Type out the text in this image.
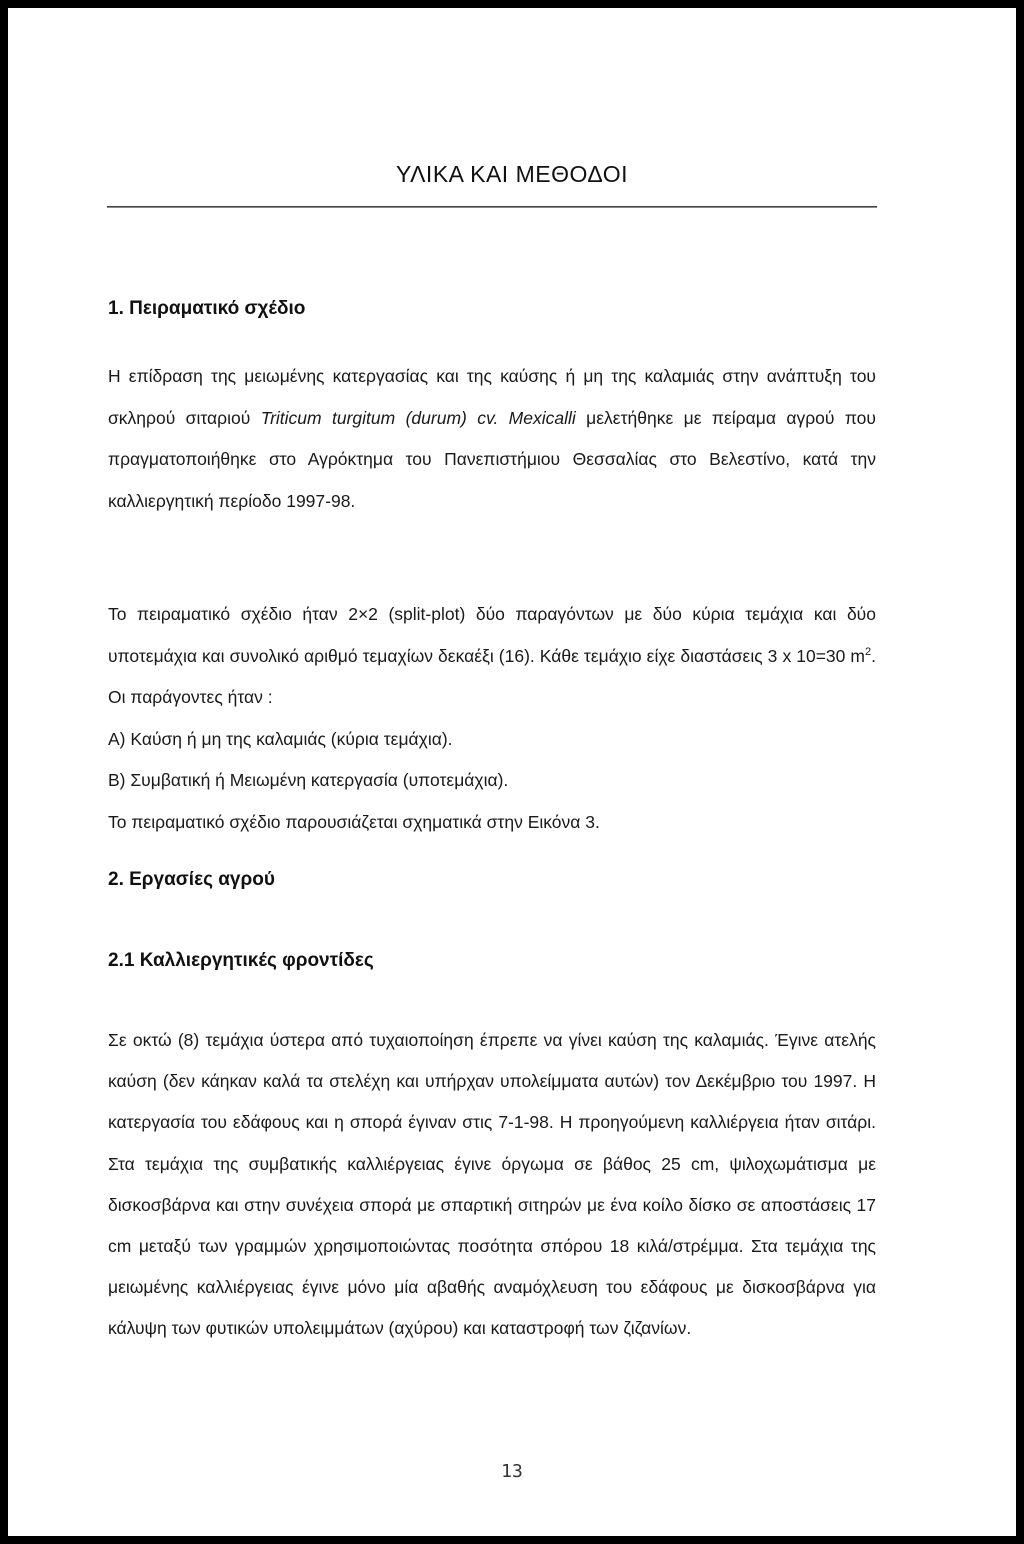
ΥΛΙΚΑ ΚΑΙ ΜΕΘΟΔΟΙ
1. Πειραματικό σχέδιο
Η επίδραση της μειωμένης κατεργασίας και της καύσης ή μη της καλαμιάς στην ανάπτυξη του σκληρού σιταριού Triticum turgitum (durum) cv. Mexicalli μελετήθηκε με πείραμα αγρού που πραγματοποιήθηκε στο Αγρόκτημα του Πανεπιστήμιου Θεσσαλίας στο Βελεστίνο, κατά την καλλιεργητική περίοδο 1997-98.
Το πειραματικό σχέδιο ήταν 2×2 (split-plot) δύο παραγόντων με δύο κύρια τεμάχια και δύο υποτεμάχια και συνολικό αριθμό τεμαχίων δεκαέξι (16). Κάθε τεμάχιο είχε διαστάσεις 3 x 10=30 $m^2$. Οι παράγοντες ήταν :
Α) Καύση ή μη της καλαμιάς (κύρια τεμάχια).
Β) Συμβατική ή Μειωμένη κατεργασία (υποτεμάχια).
Το πειραματικό σχέδιο παρουσιάζεται σχηματικά στην Εικόνα 3.
2. Εργασίες αγρού
2.1 Καλλιεργητικές φροντίδες
Σε οκτώ (8) τεμάχια ύστερα από τυχαιοποίηση έπρεπε να γίνει καύση της καλαμιάς. Έγινε ατελής καύση (δεν κάηκαν καλά τα στελέχη και υπήρχαν υπολείμματα αυτών) τον Δεκέμβριο του 1997. Η κατεργασία του εδάφους και η σπορά έγιναν στις 7-1-98. Η προηγούμενη καλλιέργεια ήταν σιτάρι. Στα τεμάχια της συμβατικής καλλιέργειας έγινε όργωμα σε βάθος 25 cm, ψιλοχωμάτισμα με δισκοσβάρνα και στην συνέχεια σπορά με σπαρτική σιτηρών με ένα κοίλο δίσκο σε αποστάσεις 17 cm μεταξύ των γραμμών χρησιμοποιώντας ποσότητα σπόρου 18 κιλά/στρέμμα. Στα τεμάχια της μειωμένης καλλιέργειας έγινε μόνο μία αβαθής αναμόχλευση του εδάφους με δισκοσβάρνα για κάλυψη των φυτικών υπολειμμάτων (αχύρου) και καταστροφή των ζιζανίων.
13
